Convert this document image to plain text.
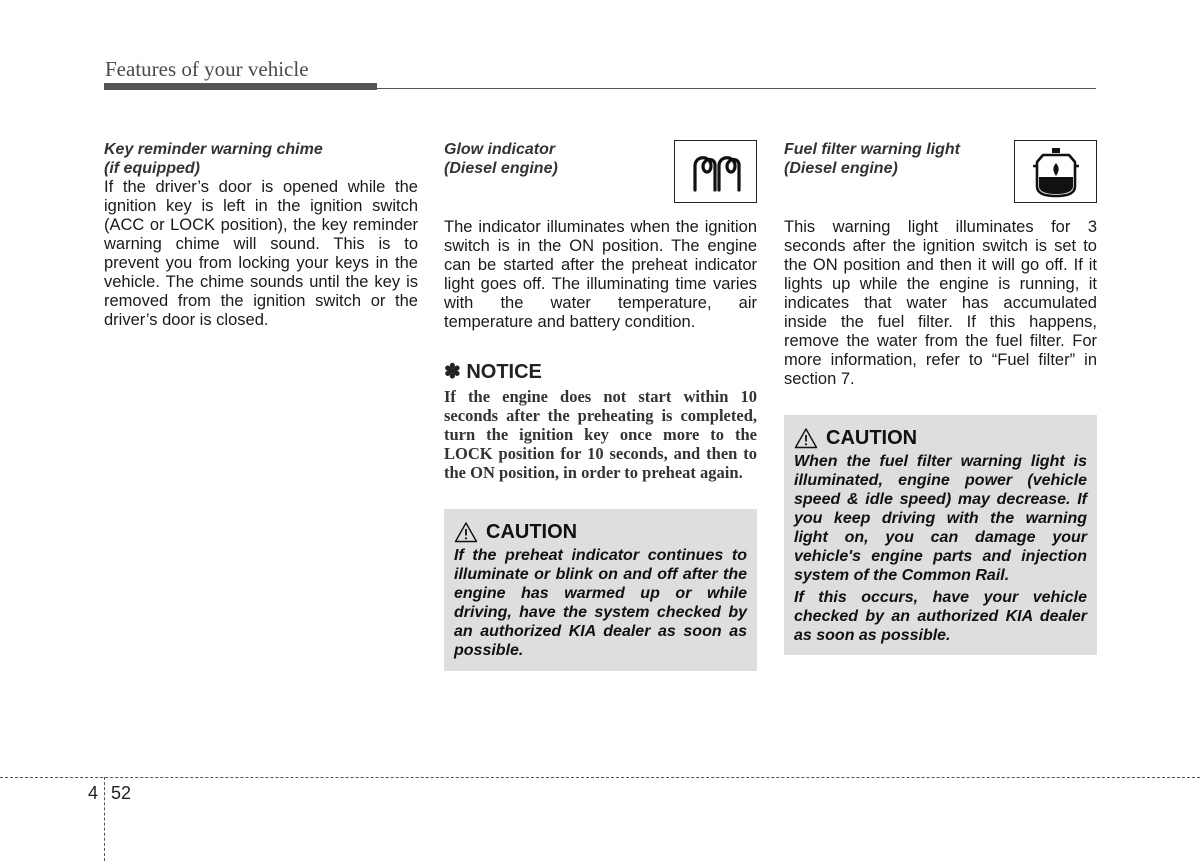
Features of your vehicle
Key reminder warning chime
(if equipped)

If the driver’s door is opened while the ignition key is left in the ignition switch (ACC or LOCK position), the key reminder warning chime will sound. This is to prevent you from locking your keys in the vehicle. The chime sounds until the key is removed from the ignition switch or the driver’s door is closed.

Glow indicator
(Diesel engine)

The indicator illuminates when the ignition switch is in the ON position. The engine can be started after the preheat indicator light goes off. The illuminating time varies with the water temperature, air temperature and battery condition.

✽ NOTICE
If the engine does not start within 10 seconds after the preheating is completed, turn the ignition key once more to the LOCK position for 10 seconds, and then to the ON position, in order to preheat again.
CAUTION

If the preheat indicator continues to illuminate or blink on and off after the engine has warmed up or while driving, have the system checked by an authorized KIA dealer as soon as possible.

Fuel filter warning light
(Diesel engine)

This warning light illuminates for 3 seconds after the ignition switch is set to the ON position and then it will go off. If it lights up while the engine is running, it indicates that water has accumulated inside the fuel filter. If this happens, remove the water from the fuel filter. For more information, refer to “Fuel filter” in section 7.

CAUTION

When the fuel filter warning light is illuminated, engine power (vehicle speed & idle speed) may decrease. If you keep driving with the warning light on, you can damage your vehicle's engine parts and injection system of the Common Rail.

If this occurs, have your vehicle checked by an authorized KIA dealer as soon as possible.

4 52
